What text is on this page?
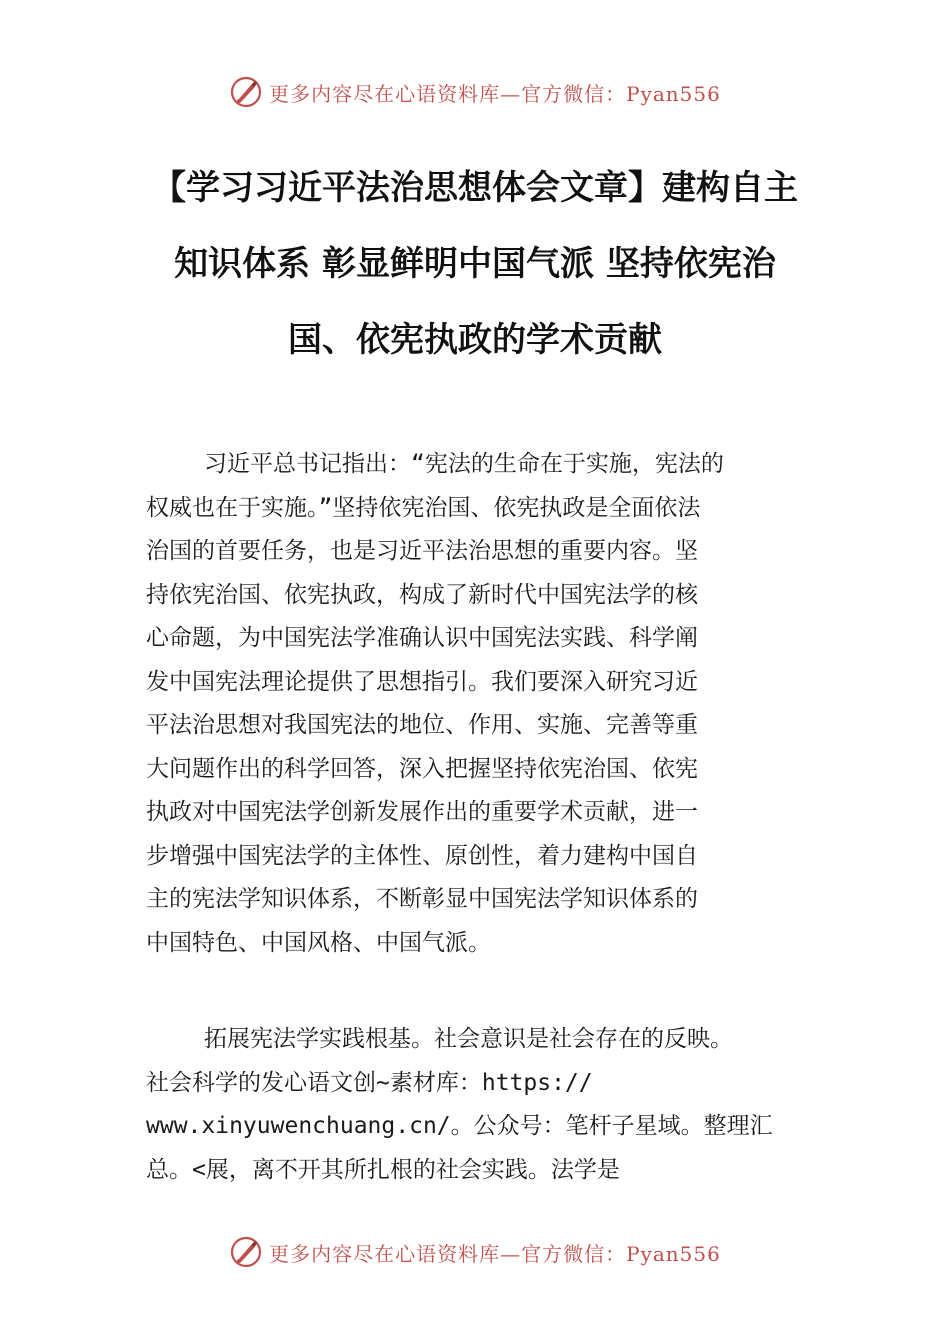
更多内容尽在心语资料库—官方微信：Pyan556
【学习习近平法治思想体会文章】建构自主
知识体系 彰显鲜明中国气派 坚持依宪治
国、依宪执政的学术贡献
习近平总书记指出：“宪法的生命在于实施，宪法的
权威也在于实施。”坚持依宪治国、依宪执政是全面依法
治国的首要任务，也是习近平法治思想的重要内容。坚
持依宪治国、依宪执政，构成了新时代中国宪法学的核
心命题，为中国宪法学准确认识中国宪法实践、科学阐
发中国宪法理论提供了思想指引。我们要深入研究习近
平法治思想对我国宪法的地位、作用、实施、完善等重
大问题作出的科学回答，深入把握坚持依宪治国、依宪
执政对中国宪法学创新发展作出的重要学术贡献，进一
步增强中国宪法学的主体性、原创性，着力建构中国自
主的宪法学知识体系，不断彰显中国宪法学知识体系的
中国特色、中国风格、中国气派。
拓展宪法学实践根基。社会意识是社会存在的反映。
社会科学的发心语文创~素材库：https://
www.xinyuwenchuang.cn/。公众号：笔杆子星域。整理汇
总。<展，离不开其所扎根的社会实践。法学是
更多内容尽在心语资料库—官方微信：Pyan556
